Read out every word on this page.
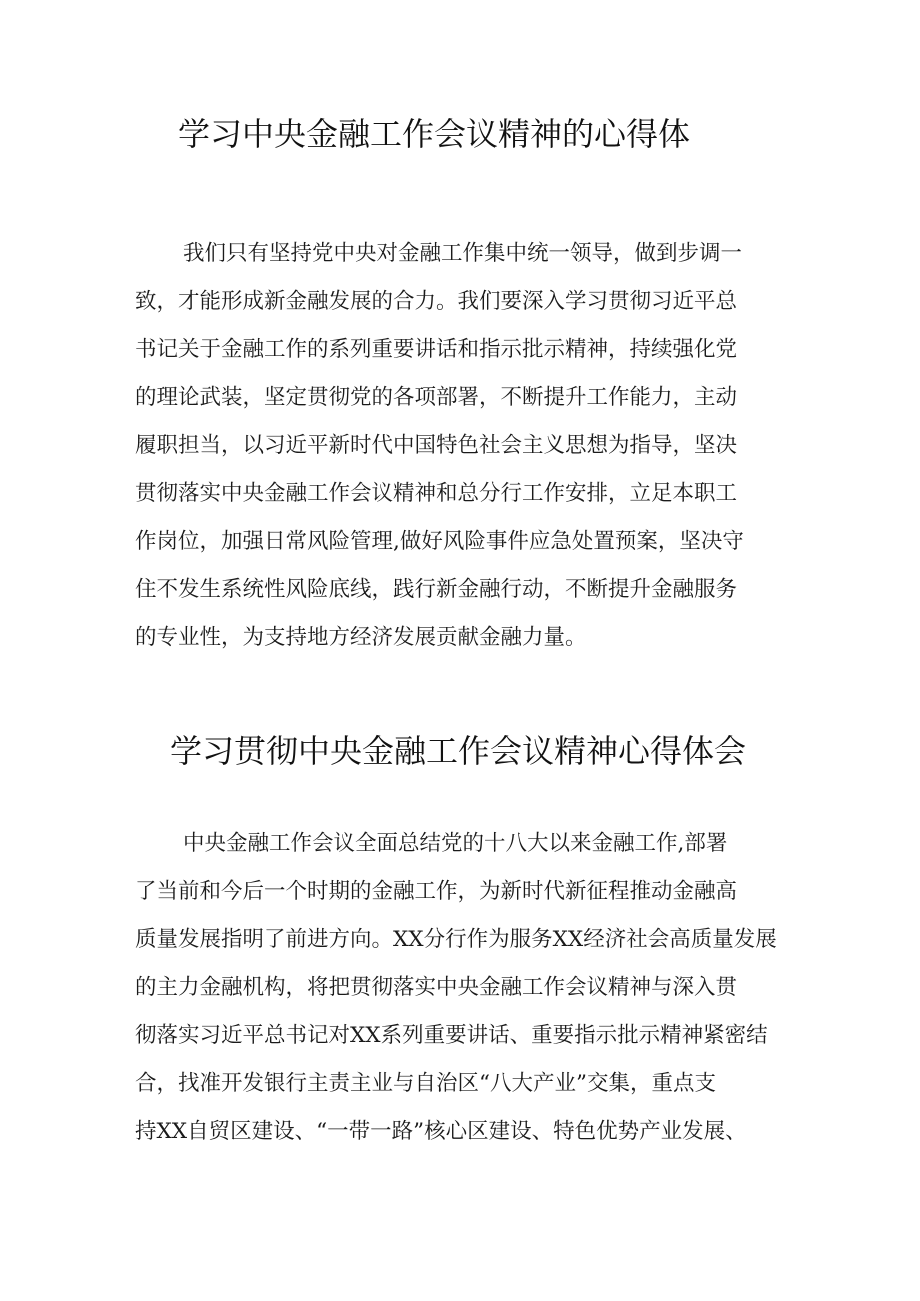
学习中央金融工作会议精神的心得体
我们只有坚持党中央对金融工作集中统一领导，做到步调一
致，才能形成新金融发展的合力。我们要深入学习贯彻习近平总
书记关于金融工作的系列重要讲话和指示批示精神，持续强化党
的理论武装，坚定贯彻党的各项部署，不断提升工作能力，主动
履职担当，以习近平新时代中国特色社会主义思想为指导，坚决
贯彻落实中央金融工作会议精神和总分行工作安排，立足本职工
作岗位，加强日常风险管理,做好风险事件应急处置预案，坚决守
住不发生系统性风险底线，践行新金融行动，不断提升金融服务
的专业性，为支持地方经济发展贡献金融力量。
学习贯彻中央金融工作会议精神心得体会
中央金融工作会议全面总结党的十八大以来金融工作,部署
了当前和今后一个时期的金融工作，为新时代新征程推动金融高
质量发展指明了前进方向。XX分行作为服务XX经济社会高质量发展
的主力金融机构，将把贯彻落实中央金融工作会议精神与深入贯
彻落实习近平总书记对XX系列重要讲话、重要指示批示精神紧密结
合，找准开发银行主责主业与自治区“八大产业”交集，重点支
持XX自贸区建设、“一带一路”核心区建设、特色优势产业发展、
